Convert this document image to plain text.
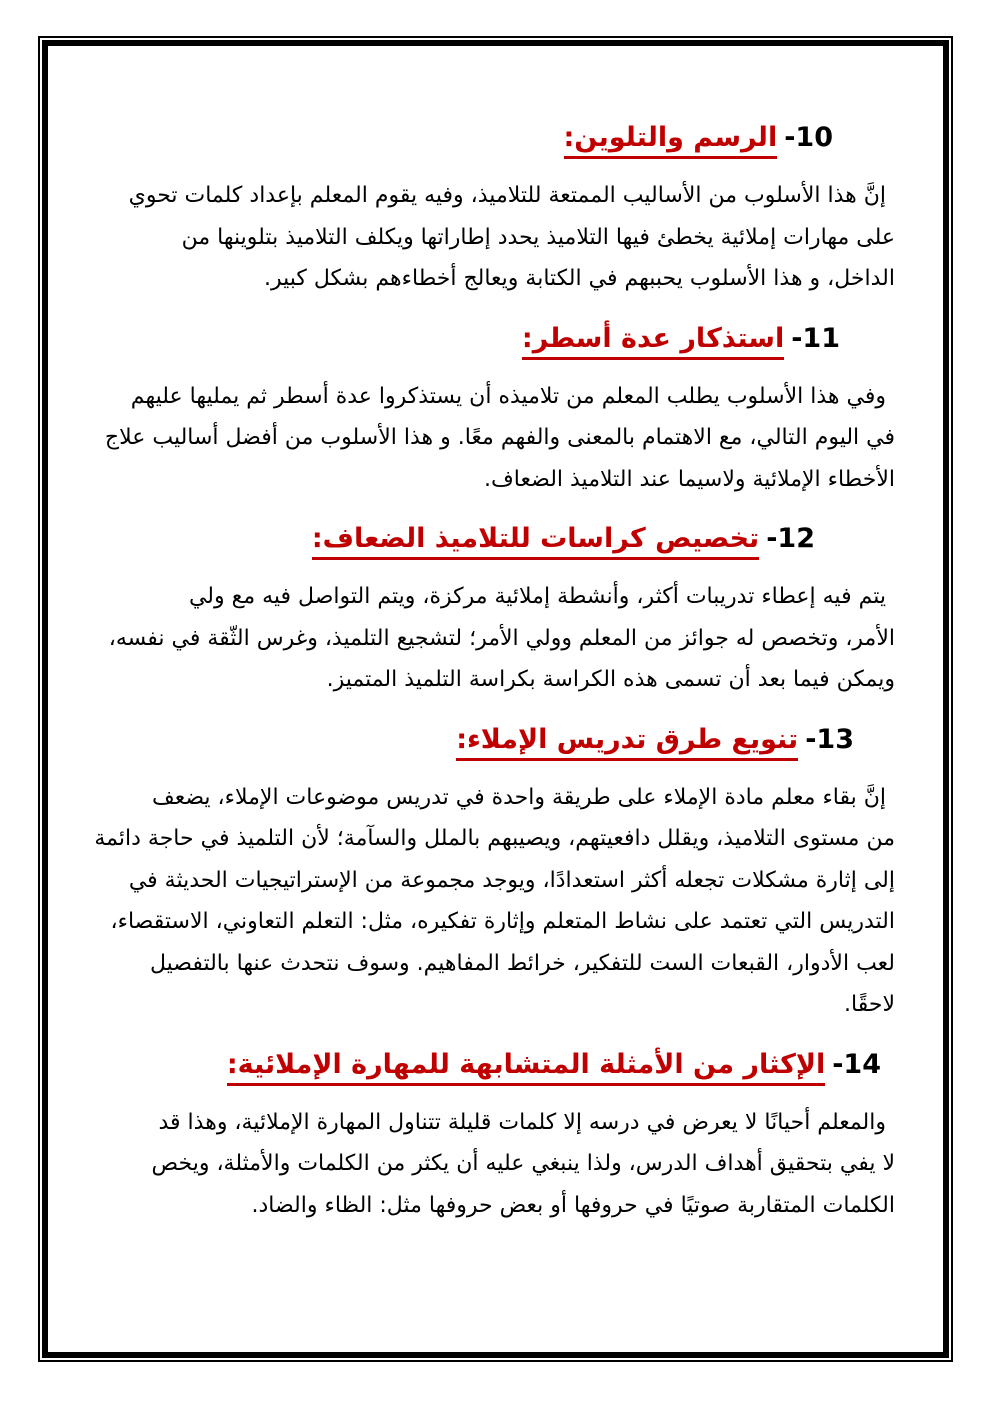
10-الرسم والتلوين:
إنَّ هذا الأسلوب من الأساليب الممتعة للتلاميذ، وفيه يقوم المعلم بإعداد كلمات تحوي
على مهارات إملائية يخطئ فيها التلاميذ يحدد إطاراتها ويكلف التلاميذ بتلوينها من
الداخل، و هذا الأسلوب يحببهم في الكتابة ويعالج أخطاءهم بشكل كبير.
11-استذكار عدة أسطر:
وفي هذا الأسلوب يطلب المعلم من تلاميذه أن يستذكروا عدة أسطر ثم يمليها عليهم
في اليوم التالي، مع الاهتمام بالمعنى والفهم معًا. و هذا الأسلوب من أفضل أساليب علاج
الأخطاء الإملائية ولاسيما عند التلاميذ الضعاف.
12-تخصيص كراسات للتلاميذ الضعاف:
يتم فيه إعطاء تدريبات أكثر، وأنشطة إملائية مركزة، ويتم التواصل فيه مع ولي
الأمر، وتخصص له جوائز من المعلم وولي الأمر؛ لتشجيع التلميذ، وغرس الثّقة في نفسه،
ويمكن فيما بعد أن تسمى هذه الكراسة بكراسة التلميذ المتميز.
13-تنويع طرق تدريس الإملاء:
إنَّ بقاء معلم مادة الإملاء على طريقة واحدة في تدريس موضوعات الإملاء، يضعف
من مستوى التلاميذ، ويقلل دافعيتهم، ويصيبهم بالملل والسآمة؛ لأن التلميذ في حاجة دائمة
إلى إثارة مشكلات تجعله أكثر استعدادًا، ويوجد مجموعة من الإستراتيجيات الحديثة في
التدريس التي تعتمد على نشاط المتعلم وإثارة تفكيره، مثل: التعلم التعاوني، الاستقصاء،
لعب الأدوار، القبعات الست للتفكير، خرائط المفاهيم. وسوف نتحدث عنها بالتفصيل
لاحقًا.
14-الإكثار من الأمثلة المتشابهة للمهارة الإملائية:
والمعلم أحيانًا لا يعرض في درسه إلا كلمات قليلة تتناول المهارة الإملائية، وهذا قد
لا يفي بتحقيق أهداف الدرس، ولذا ينبغي عليه أن يكثر من الكلمات والأمثلة، ويخص
الكلمات المتقاربة صوتيًا في حروفها أو بعض حروفها مثل: الظاء والضاد.
